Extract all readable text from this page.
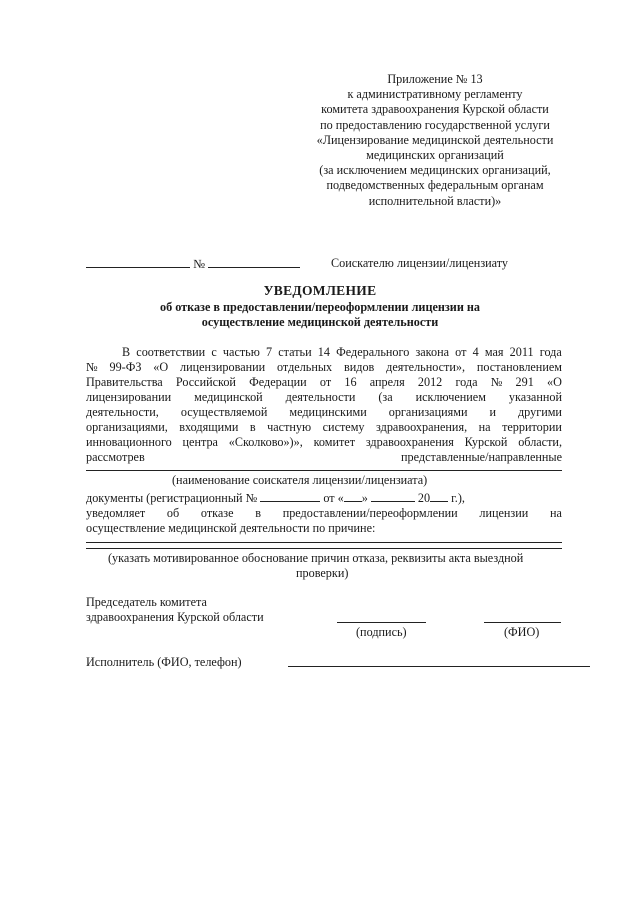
Приложение № 13
к административному регламенту
комитета здравоохранения Курской области
по предоставлению государственной услуги
«Лицензирование медицинской деятельности
медицинских организаций
(за исключением медицинских организаций,
подведомственных федеральным органам
исполнительной власти)»
№	Соискателю лицензии/лицензиату
УВЕДОМЛЕНИЕ
об отказе в предоставлении/переоформлении лицензии на
осуществление медицинской деятельности
В соответствии с частью 7 статьи 14 Федерального закона от 4 мая 2011 года
№ 99-ФЗ «О лицензировании отдельных видов деятельности», постановлением
Правительства Российской Федерации от 16 апреля 2012 года № 291 «О
лицензировании медицинской деятельности (за исключением указанной
деятельности, осуществляемой медицинскими организациями и другими
организациями, входящими в частную систему здравоохранения, на территории
инновационного центра «Сколково»)», комитет здравоохранения Курской области,
рассмотрев	представленные/направленные
(наименование соискателя лицензии/лицензиата)
документы (регистрационный №	от « »	20 г.),
уведомляет об отказе в предоставлении/переоформлении лицензии на
осуществление медицинской деятельности по причине:
(указать мотивированное обоснование причин отказа, реквизиты акта выездной
проверки)
Председатель комитета
здравоохранения Курской области
(подпись)	(ФИО)
Исполнитель (ФИО, телефон)
